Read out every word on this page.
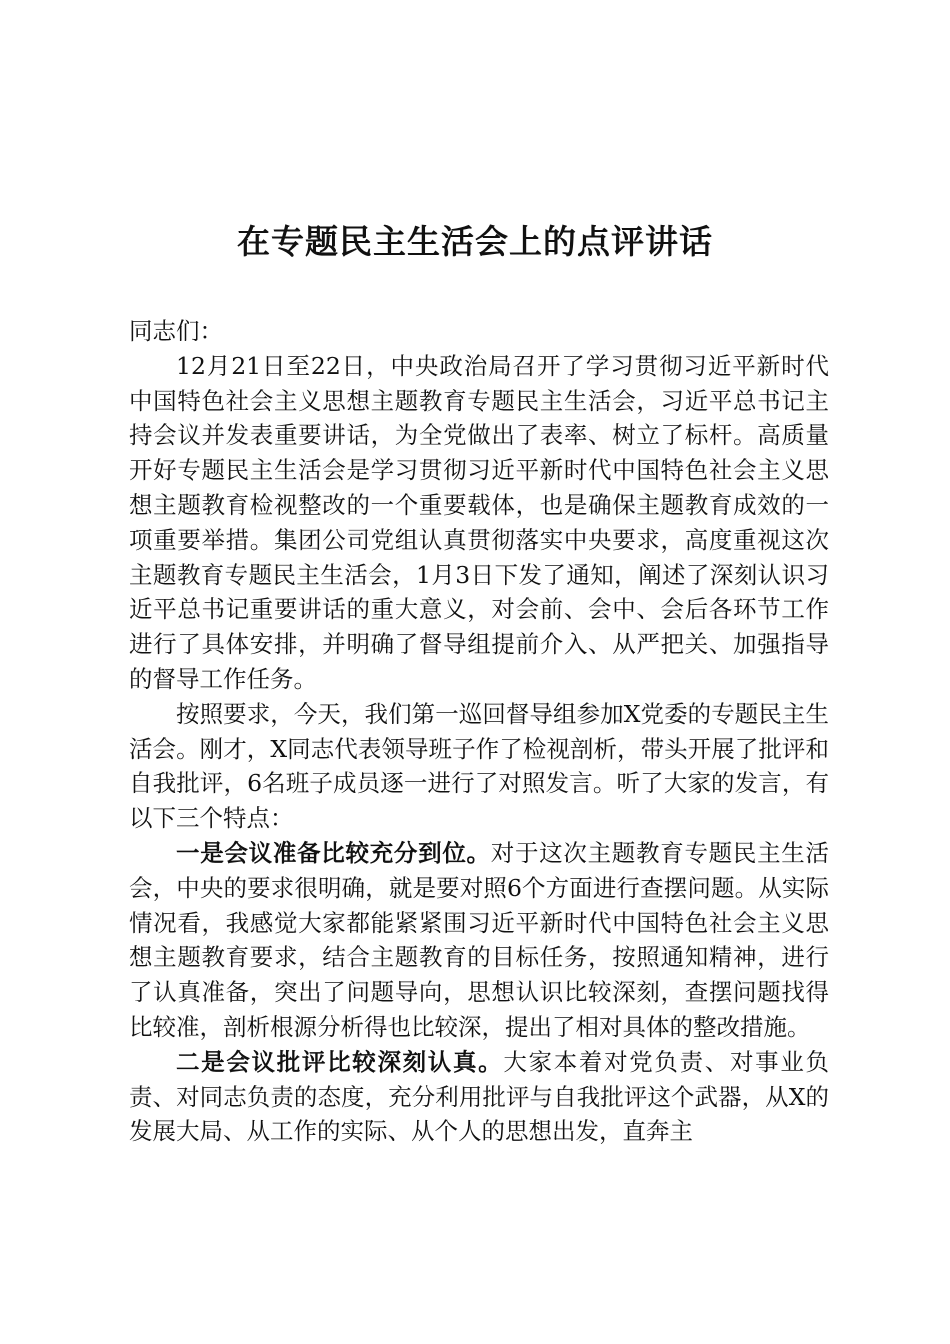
在专题民主生活会上的点评讲话

同志们：

12月21日至22日，中央政治局召开了学习贯彻习近平新时代中国特色社会主义思想主题教育专题民主生活会，习近平总书记主持会议并发表重要讲话，为全党做出了表率、树立了标杆。高质量开好专题民主生活会是学习贯彻习近平新时代中国特色社会主义思想主题教育检视整改的一个重要载体，也是确保主题教育成效的一项重要举措。集团公司党组认真贯彻落实中央要求，高度重视这次主题教育专题民主生活会，1月3日下发了通知，阐述了深刻认识习近平总书记重要讲话的重大意义，对会前、会中、会后各环节工作进行了具体安排，并明确了督导组提前介入、从严把关、加强指导的督导工作任务。

按照要求，今天，我们第一巡回督导组参加X党委的专题民主生活会。刚才，X同志代表领导班子作了检视剖析，带头开展了批评和自我批评，6名班子成员逐一进行了对照发言。听了大家的发言，有以下三个特点：

一是会议准备比较充分到位。对于这次主题教育专题民主生活会，中央的要求很明确，就是要对照6个方面进行查摆问题。从实际情况看，我感觉大家都能紧紧围习近平新时代中国特色社会主义思想主题教育要求，结合主题教育的目标任务，按照通知精神，进行了认真准备，突出了问题导向，思想认识比较深刻，查摆问题找得比较准，剖析根源分析得也比较深，提出了相对具体的整改措施。

二是会议批评比较深刻认真。大家本着对党负责、对事业负责、对同志负责的态度，充分利用批评与自我批评这个武器，从X的发展大局、从工作的实际、从个人的思想出发，直奔主
